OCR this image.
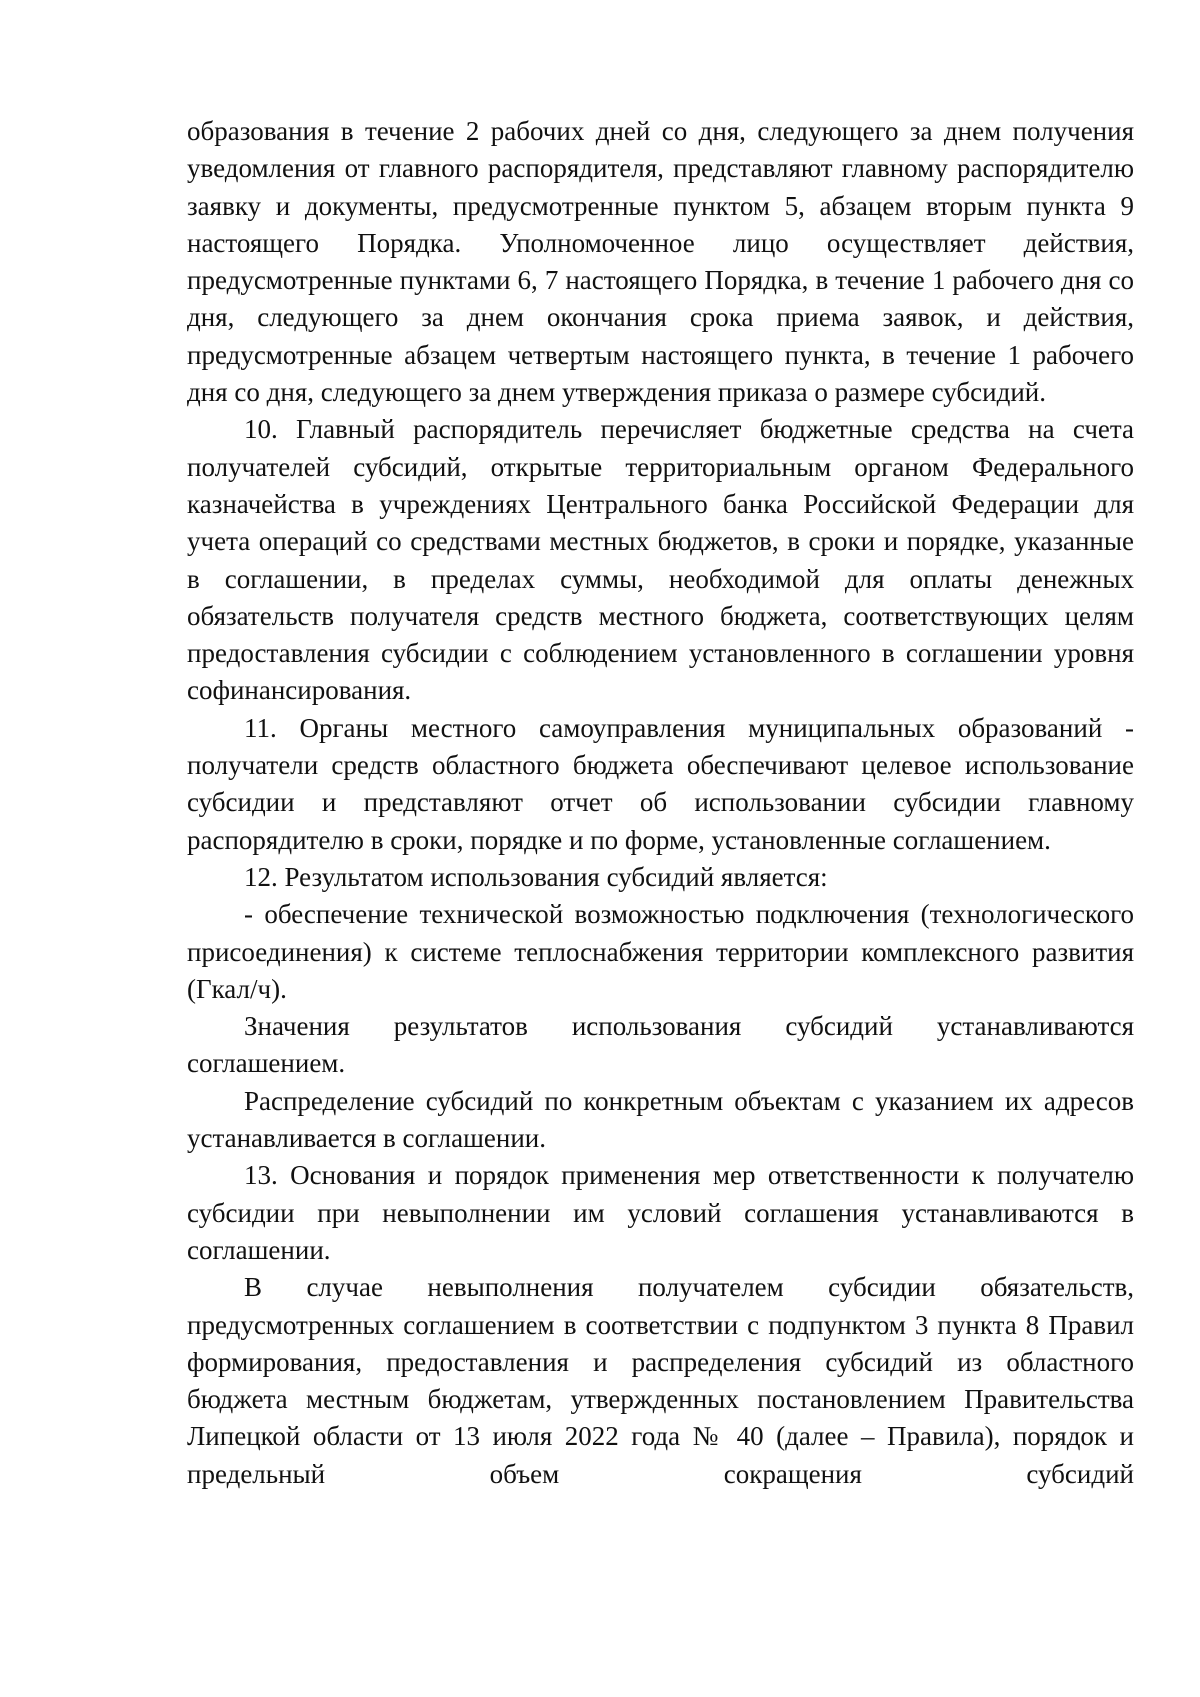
образования в течение 2 рабочих дней со дня, следующего за днем получения уведомления от главного распорядителя, представляют главному распорядителю заявку и документы, предусмотренные пунктом 5, абзацем вторым пункта 9 настоящего Порядка. Уполномоченное лицо осуществляет действия, предусмотренные пунктами 6, 7 настоящего Порядка, в течение 1 рабочего дня со дня, следующего за днем окончания срока приема заявок, и действия, предусмотренные абзацем четвертым настоящего пункта, в течение 1 рабочего дня со дня, следующего за днем утверждения приказа о размере субсидий.

10. Главный распорядитель перечисляет бюджетные средства на счета получателей субсидий, открытые территориальным органом Федерального казначейства в учреждениях Центрального банка Российской Федерации для учета операций со средствами местных бюджетов, в сроки и порядке, указанные в соглашении, в пределах суммы, необходимой для оплаты денежных обязательств получателя средств местного бюджета, соответствующих целям предоставления субсидии с соблюдением установленного в соглашении уровня софинансирования.

11. Органы местного самоуправления муниципальных образований - получатели средств областного бюджета обеспечивают целевое использование субсидии и представляют отчет об использовании субсидии главному распорядителю в сроки, порядке и по форме, установленные соглашением.

12. Результатом использования субсидий является:

- обеспечение технической возможностью подключения (технологического присоединения) к системе теплоснабжения территории комплексного развития (Гкал/ч).

Значения результатов использования субсидий устанавливаются соглашением.

Распределение субсидий по конкретным объектам с указанием их адресов устанавливается в соглашении.

13. Основания и порядок применения мер ответственности к получателю субсидии при невыполнении им условий соглашения устанавливаются в соглашении.

В случае невыполнения получателем субсидии обязательств, предусмотренных соглашением в соответствии с подпунктом 3 пункта 8 Правил формирования, предоставления и распределения субсидий из областного бюджета местным бюджетам, утвержденных постановлением Правительства Липецкой области от 13 июля 2022 года № 40 (далее – Правила), порядок и предельный объем сокращения субсидий
